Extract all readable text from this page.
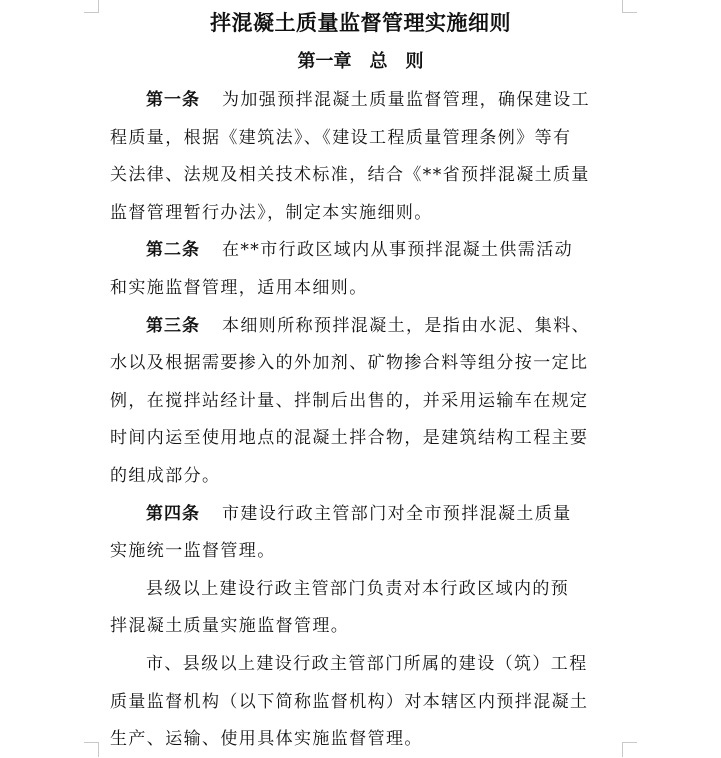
拌混凝土质量监督管理实施细则
第一章　总　则
第一条 为加强预拌混凝土质量监督管理，确保建设工
程质量，根据《建筑法》、《建设工程质量管理条例》等有
关法律、法规及相关技术标准，结合《**省预拌混凝土质量
监督管理暂行办法》，制定本实施细则。
第二条 在**市行政区域内从事预拌混凝土供需活动
和实施监督管理，适用本细则。
第三条 本细则所称预拌混凝土，是指由水泥、集料、
水以及根据需要掺入的外加剂、矿物掺合料等组分按一定比
例，在搅拌站经计量、拌制后出售的，并采用运输车在规定
时间内运至使用地点的混凝土拌合物，是建筑结构工程主要
的组成部分。
第四条 市建设行政主管部门对全市预拌混凝土质量
实施统一监督管理。
县级以上建设行政主管部门负责对本行政区域内的预
拌混凝土质量实施监督管理。
市、县级以上建设行政主管部门所属的建设（筑）工程
质量监督机构（以下简称监督机构）对本辖区内预拌混凝土
生产、运输、使用具体实施监督管理。
